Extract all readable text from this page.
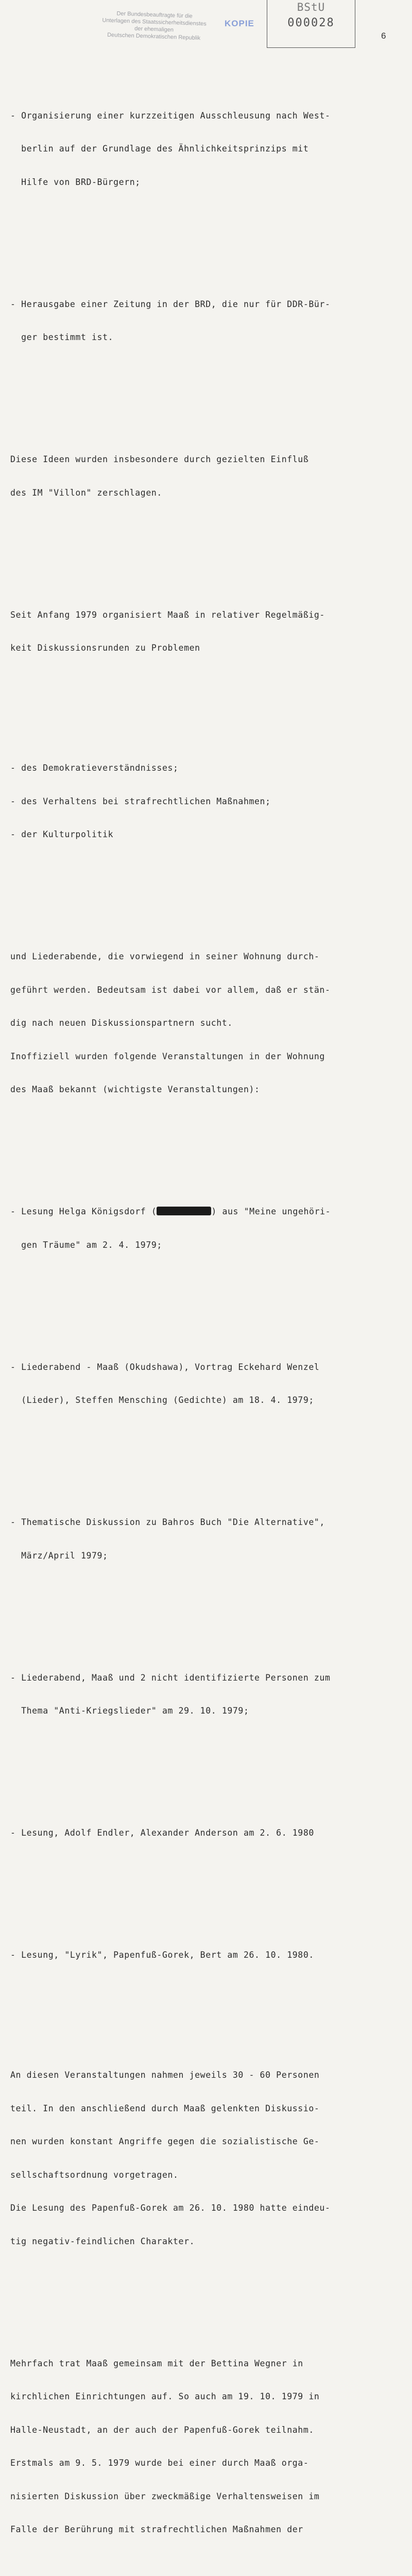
Der Bundesbeauftragte für die
Unterlagen des Staatssicherheitsdienstes
der ehemaligen
Deutschen Demokratischen Republik
KOPIE
BStU
000028
6

- Organisierung einer kurzzeitigen Ausschleusung nach West-

berlin auf der Grundlage des Ähnlichkeitsprinzips mit

Hilfe von BRD-Bürgern;

- Herausgabe einer Zeitung in der BRD, die nur für DDR-Bür-

ger bestimmt ist.

Diese Ideen wurden insbesondere durch gezielten Einfluß

des IM "Villon" zerschlagen.

Seit Anfang 1979 organisiert Maaß in relativer Regelmäßig-

keit Diskussionsrunden zu Problemen

- des Demokratieverständnisses;

- des Verhaltens bei strafrechtlichen Maßnahmen;

- der Kulturpolitik

und Liederabende, die vorwiegend in seiner Wohnung durch-

geführt werden. Bedeutsam ist dabei vor allem, daß er stän-

dig nach neuen Diskussionspartnern sucht.

Inoffiziell wurden folgende Veranstaltungen in der Wohnung

des Maaß bekannt (wichtigste Veranstaltungen):

- Lesung Helga Königsdorf (	) aus "Meine ungehöri-

gen Träume" am 2. 4. 1979;

- Liederabend - Maaß (Okudshawa), Vortrag Eckehard Wenzel

(Lieder), Steffen Mensching (Gedichte) am 18. 4. 1979;

- Thematische Diskussion zu Bahros Buch "Die Alternative",

März/April 1979;

- Liederabend, Maaß und 2 nicht identifizierte Personen zum

Thema "Anti-Kriegslieder" am 29. 10. 1979;

- Lesung, Adolf Endler, Alexander Anderson am 2. 6. 1980

- Lesung, "Lyrik", Papenfuß-Gorek, Bert am 26. 10. 1980.

An diesen Veranstaltungen nahmen jeweils 30 - 60 Personen

teil. In den anschließend durch Maaß gelenkten Diskussio-

nen wurden konstant Angriffe gegen die sozialistische Ge-

sellschaftsordnung vorgetragen.

Die Lesung des Papenfuß-Gorek am 26. 10. 1980 hatte eindeu-

tig negativ-feindlichen Charakter.

Mehrfach trat Maaß gemeinsam mit der Bettina Wegner in

kirchlichen Einrichtungen auf. So auch am 19. 10. 1979 in

Halle-Neustadt, an der auch der Papenfuß-Gorek teilnahm.

Erstmals am 9. 5. 1979 wurde bei einer durch Maaß orga-

nisierten Diskussion über zweckmäßige Verhaltensweisen im

Falle der Berührung mit strafrechtlichen Maßnahmen der
